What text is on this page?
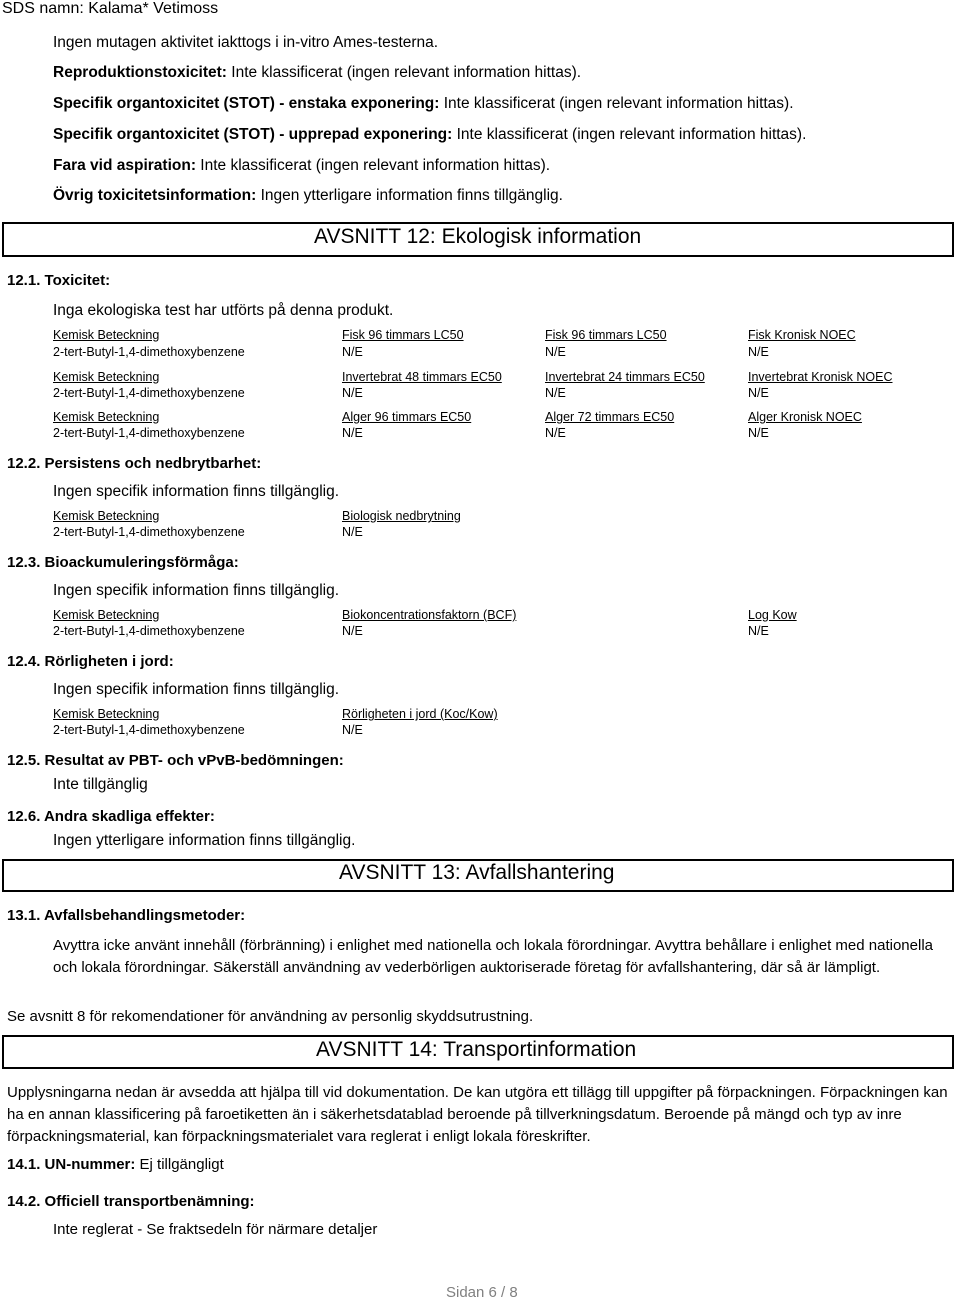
SDS namn: Kalama* Vetimoss
Ingen mutagen aktivitet iakttogs i in-vitro Ames-testerna.
Reproduktionstoxicitet: Inte klassificerat (ingen relevant information hittas).
Specifik organtoxicitet (STOT) - enstaka exponering: Inte klassificerat (ingen relevant information hittas).
Specifik organtoxicitet (STOT) - upprepad exponering: Inte klassificerat (ingen relevant information hittas).
Fara vid aspiration: Inte klassificerat (ingen relevant information hittas).
Övrig toxicitetsinformation: Ingen ytterligare information finns tillgänglig.
AVSNITT 12: Ekologisk information
12.1. Toxicitet:
Inga ekologiska test har utförts på denna produkt.
Kemisk Beteckning	Fisk 96 timmars LC50	Fisk 96 timmars LC50	Fisk Kronisk NOEC
2-tert-Butyl-1,4-dimethoxybenzene	N/E	N/E	N/E
Kemisk Beteckning	Invertebrat 48 timmars EC50	Invertebrat 24 timmars EC50	Invertebrat Kronisk NOEC
2-tert-Butyl-1,4-dimethoxybenzene	N/E	N/E	N/E
Kemisk Beteckning	Alger 96 timmars EC50	Alger 72 timmars EC50	Alger Kronisk NOEC
2-tert-Butyl-1,4-dimethoxybenzene	N/E	N/E	N/E
12.2. Persistens och nedbrytbarhet:
Ingen specifik information finns tillgänglig.
Kemisk Beteckning	Biologisk nedbrytning
2-tert-Butyl-1,4-dimethoxybenzene	N/E
12.3. Bioackumuleringsförmåga:
Ingen specifik information finns tillgänglig.
Kemisk Beteckning	Biokoncentrationsfaktorn (BCF)	Log Kow
2-tert-Butyl-1,4-dimethoxybenzene	N/E	N/E
12.4. Rörligheten i jord:
Ingen specifik information finns tillgänglig.
Kemisk Beteckning	Rörligheten i jord (Koc/Kow)
2-tert-Butyl-1,4-dimethoxybenzene	N/E
12.5. Resultat av PBT- och vPvB-bedömningen:
Inte tillgänglig
12.6. Andra skadliga effekter:
Ingen ytterligare information finns tillgänglig.
AVSNITT 13: Avfallshantering
13.1. Avfallsbehandlingsmetoder:
Avyttra icke använt innehåll (förbränning) i enlighet med nationella och lokala förordningar. Avyttra behållare i enlighet med nationella och lokala förordningar. Säkerställ användning av vederbörligen auktoriserade företag för avfallshantering, där så är lämpligt.
Se avsnitt 8 för rekomendationer för användning av personlig skyddsutrustning.
AVSNITT 14: Transportinformation
Upplysningarna nedan är avsedda att hjälpa till vid dokumentation. De kan utgöra ett tillägg till uppgifter på förpackningen. Förpackningen kan ha en annan klassificering på faroetiketten än i säkerhetsdatablad beroende på tillverkningsdatum. Beroende på mängd och typ av inre förpackningsmaterial, kan förpackningsmaterialet vara reglerat i enligt lokala föreskrifter.
14.1. UN-nummer: Ej tillgängligt
14.2. Officiell transportbenämning:
Inte reglerat - Se fraktsedeln för närmare detaljer
Sidan 6 / 8
